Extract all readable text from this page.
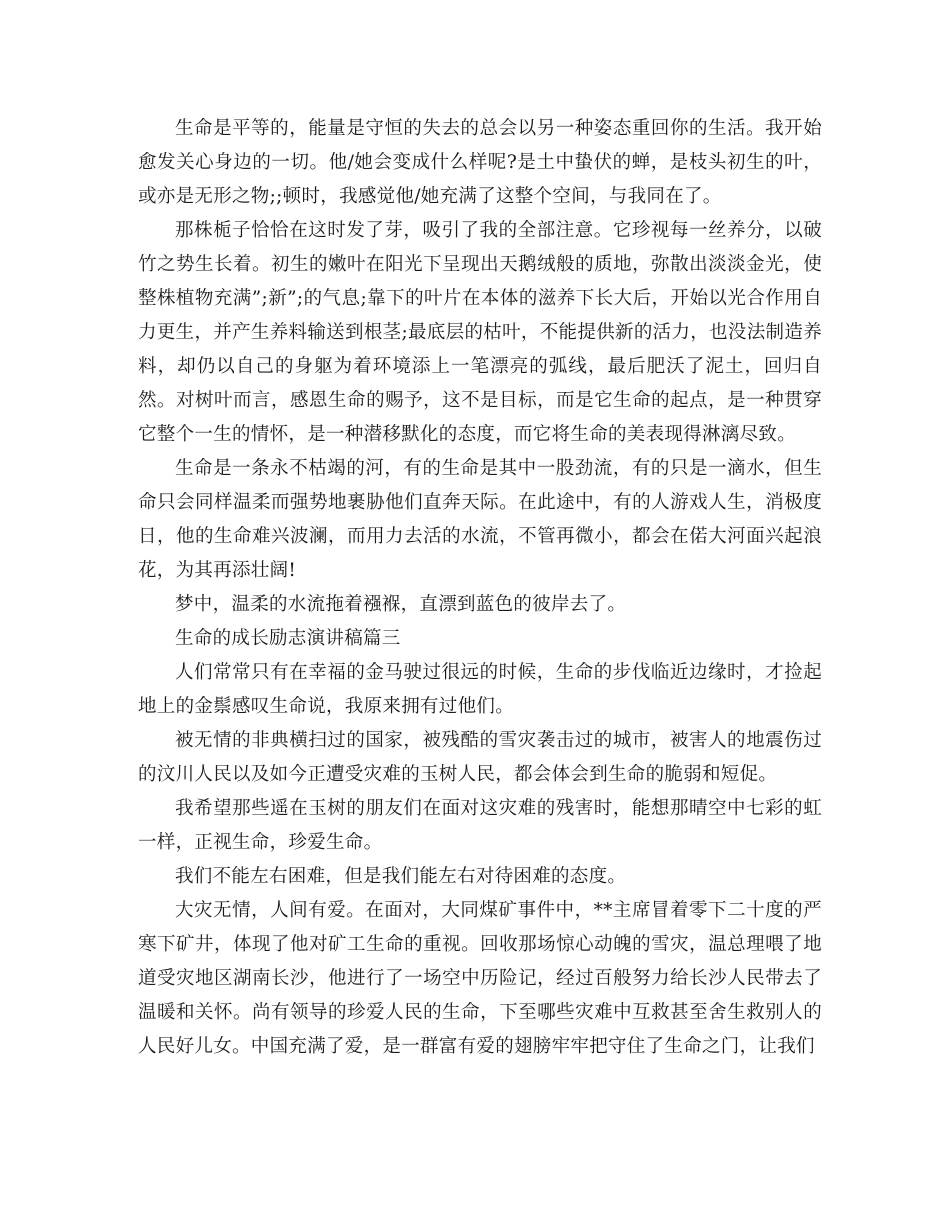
生命是平等的，能量是守恒的失去的总会以另一种姿态重回你的生活。我开始愈发关心身边的一切。他/她会变成什么样呢?是土中蛰伏的蝉，是枝头初生的叶，或亦是无形之物;;顿时，我感觉他/她充满了这整个空间，与我同在了。

那株栀子恰恰在这时发了芽，吸引了我的全部注意。它珍视每一丝养分，以破竹之势生长着。初生的嫩叶在阳光下呈现出天鹅绒般的质地，弥散出淡淡金光，使整株植物充满”;新”;的气息;靠下的叶片在本体的滋养下长大后，开始以光合作用自力更生，并产生养料输送到根茎;最底层的枯叶，不能提供新的活力，也没法制造养料，却仍以自己的身躯为着环境添上一笔漂亮的弧线，最后肥沃了泥土，回归自然。对树叶而言，感恩生命的赐予，这不是目标，而是它生命的起点，是一种贯穿它整个一生的情怀，是一种潜移默化的态度，而它将生命的美表现得淋漓尽致。

生命是一条永不枯竭的河，有的生命是其中一股劲流，有的只是一滴水，但生命只会同样温柔而强势地裹胁他们直奔天际。在此途中，有的人游戏人生，消极度日，他的生命难兴波澜，而用力去活的水流，不管再微小，都会在偌大河面兴起浪花，为其再添壮阔!

梦中，温柔的水流拖着襁褓，直漂到蓝色的彼岸去了。

生命的成长励志演讲稿篇三

人们常常只有在幸福的金马驶过很远的时候，生命的步伐临近边缘时，才捡起地上的金鬃感叹生命说，我原来拥有过他们。

被无情的非典横扫过的国家，被残酷的雪灾袭击过的城市，被害人的地震伤过的汶川人民以及如今正遭受灾难的玉树人民，都会体会到生命的脆弱和短促。

我希望那些遥在玉树的朋友们在面对这灾难的残害时，能想那晴空中七彩的虹一样，正视生命，珍爱生命。

我们不能左右困难，但是我们能左右对待困难的态度。

大灾无情，人间有爱。在面对，大同煤矿事件中，**主席冒着零下二十度的严寒下矿井，体现了他对矿工生命的重视。回收那场惊心动魄的雪灾，温总理喂了地道受灾地区湖南长沙，他进行了一场空中历险记，经过百般努力给长沙人民带去了温暖和关怀。尚有领导的珍爱人民的生命，下至哪些灾难中互救甚至舍生救别人的人民好儿女。中国充满了爱，是一群富有爱的翅膀牢牢把守住了生命之门，让我们
